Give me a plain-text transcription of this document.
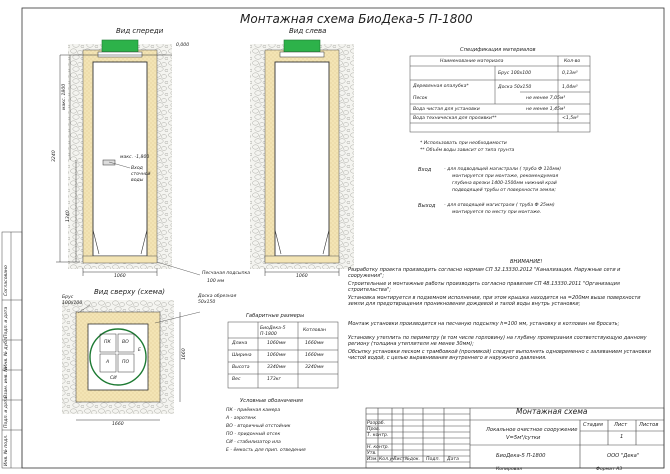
Монтажная схема БиоДека-5 П-1800
Вид спереди	Вид слева
Вид сверху (схема)
0,000
макс. 1800
3240
1340
макс. -1,800
Вход сточной воды
1060	1060
Песчаная подсыпка
100 мм
Брус 100х100
Доска обрезная 50х150
1660
1660
ПК ВО
А	ПО
СИ
Е
Спецификация материалов
Наименование материала	Кол-во
Деревянная опалубка*
Брус 100х100	0,13м³
Доска 50х150	1,04м³
Песок	не менее 7,05м³
Вода чистая для установки	не менее 1,45м³
Вода техническая для проливки**	<1,5м³
* Использовать при необходимости
** Объём воды зависит от типа грунта
Вход	- для подводящей магистрали ( труба Ф 110мм)
монтируется при монтаже, рекомендуемая
глубина врезки 1400-1500мм нижний край
подводящей трубы от поверхности земли;
Выход - для отводящей магистрали ( труба Ф 25мм)
монтируется по месту при монтаже.
ВНИМАНИЕ!
Разработку проекта производить согласно нормам СП 32.13330.2012 "Канализация. Наружные сети и сооружения";
Строительные и монтажные работы производить согласно правилам СП 48.13330.2011 "Организация строительства";
Установка монтируется в подземном исполнении, при этом крышка находится на =200мм выше поверхности земли для предотвращения проникновения дождевой и талой воды внутрь установки;
Монтаж установки производится на песчаную подсыпку h=100 мм, установку в котлован не бросать;
Установку утеплить по периметру (в том числе горловину) на глубину промерзания соответствующую данному региону (толщина утеплителя не менее 30мм);
Обсыпку установки песком с трамбовкой (проливкой) следует выполнять одновременно с заливанием установки чистой водой, с целью выравнивания внутреннего и наружного давления.
Габаритные размеры
БиоДека-5 П-1800
Котлован
Длина	1060мм	1660мм
Ширина	1060мм	1660мм
Высота	3340мм	3240мм
Вес	173кг
Условные обозначения
ПК - приёмная камера
А - аэротенк
ВО - вторичный отстойник
ПО - придонный отсек
СИ - стабилизатор ила
Е - ёмкость для прип. отведения
Монтажная схема
Изм. Кол.уч
Лист №док. Подп. Дата
Разраб.
Пров.
Т. контр.
Н. контр.
Утв.
Локальное очистное сооружение
V=5м³/сутки
Стадия Лист Листов
1
БиоДека-5 П-1800	ООО "Дека"
Копировал	Формат А3
Инв. № подл.
Подп. и дата
Взам. инв. №
Инв. № дубл.
Подп. и дата
Согласовано
